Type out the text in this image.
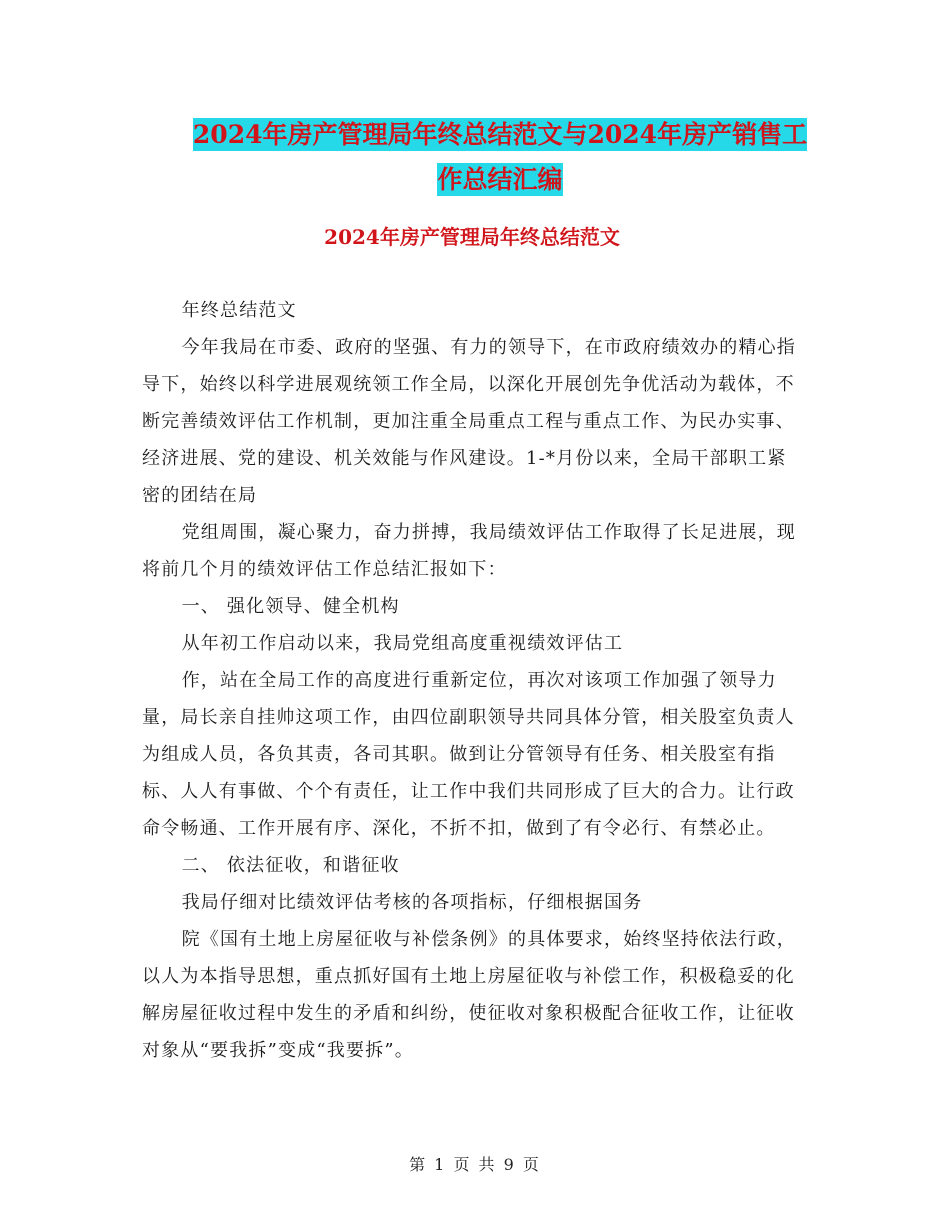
2024年房产管理局年终总结范文与2024年房产销售工
作总结汇编
2024年房产管理局年终总结范文

年终总结范文

今年我局在市委、政府的坚强、有力的领导下，在市政府绩效办的精心指导下，始终以科学进展观统领工作全局，以深化开展创先争优活动为载体，不断完善绩效评估工作机制，更加注重全局重点工程与重点工作、为民办实事、经济进展、党的建设、机关效能与作风建设。1-*月份以来，全局干部职工紧密的团结在局

党组周围，凝心聚力，奋力拼搏，我局绩效评估工作取得了长足进展，现将前几个月的绩效评估工作总结汇报如下：

一、 强化领导、健全机构

从年初工作启动以来，我局党组高度重视绩效评估工

作，站在全局工作的高度进行重新定位，再次对该项工作加强了领导力量，局长亲自挂帅这项工作，由四位副职领导共同具体分管，相关股室负责人为组成人员，各负其责，各司其职。做到让分管领导有任务、相关股室有指标、人人有事做、个个有责任，让工作中我们共同形成了巨大的合力。让行政命令畅通、工作开展有序、深化，不折不扣，做到了有令必行、有禁必止。

二、 依法征收，和谐征收

我局仔细对比绩效评估考核的各项指标，仔细根据国务

院《国有土地上房屋征收与补偿条例》的具体要求，始终坚持依法行政，以人为本指导思想，重点抓好国有土地上房屋征收与补偿工作，积极稳妥的化解房屋征收过程中发生的矛盾和纠纷，使征收对象积极配合征收工作，让征收对象从“要我拆”变成“我要拆”。

第 1 页 共 9 页
